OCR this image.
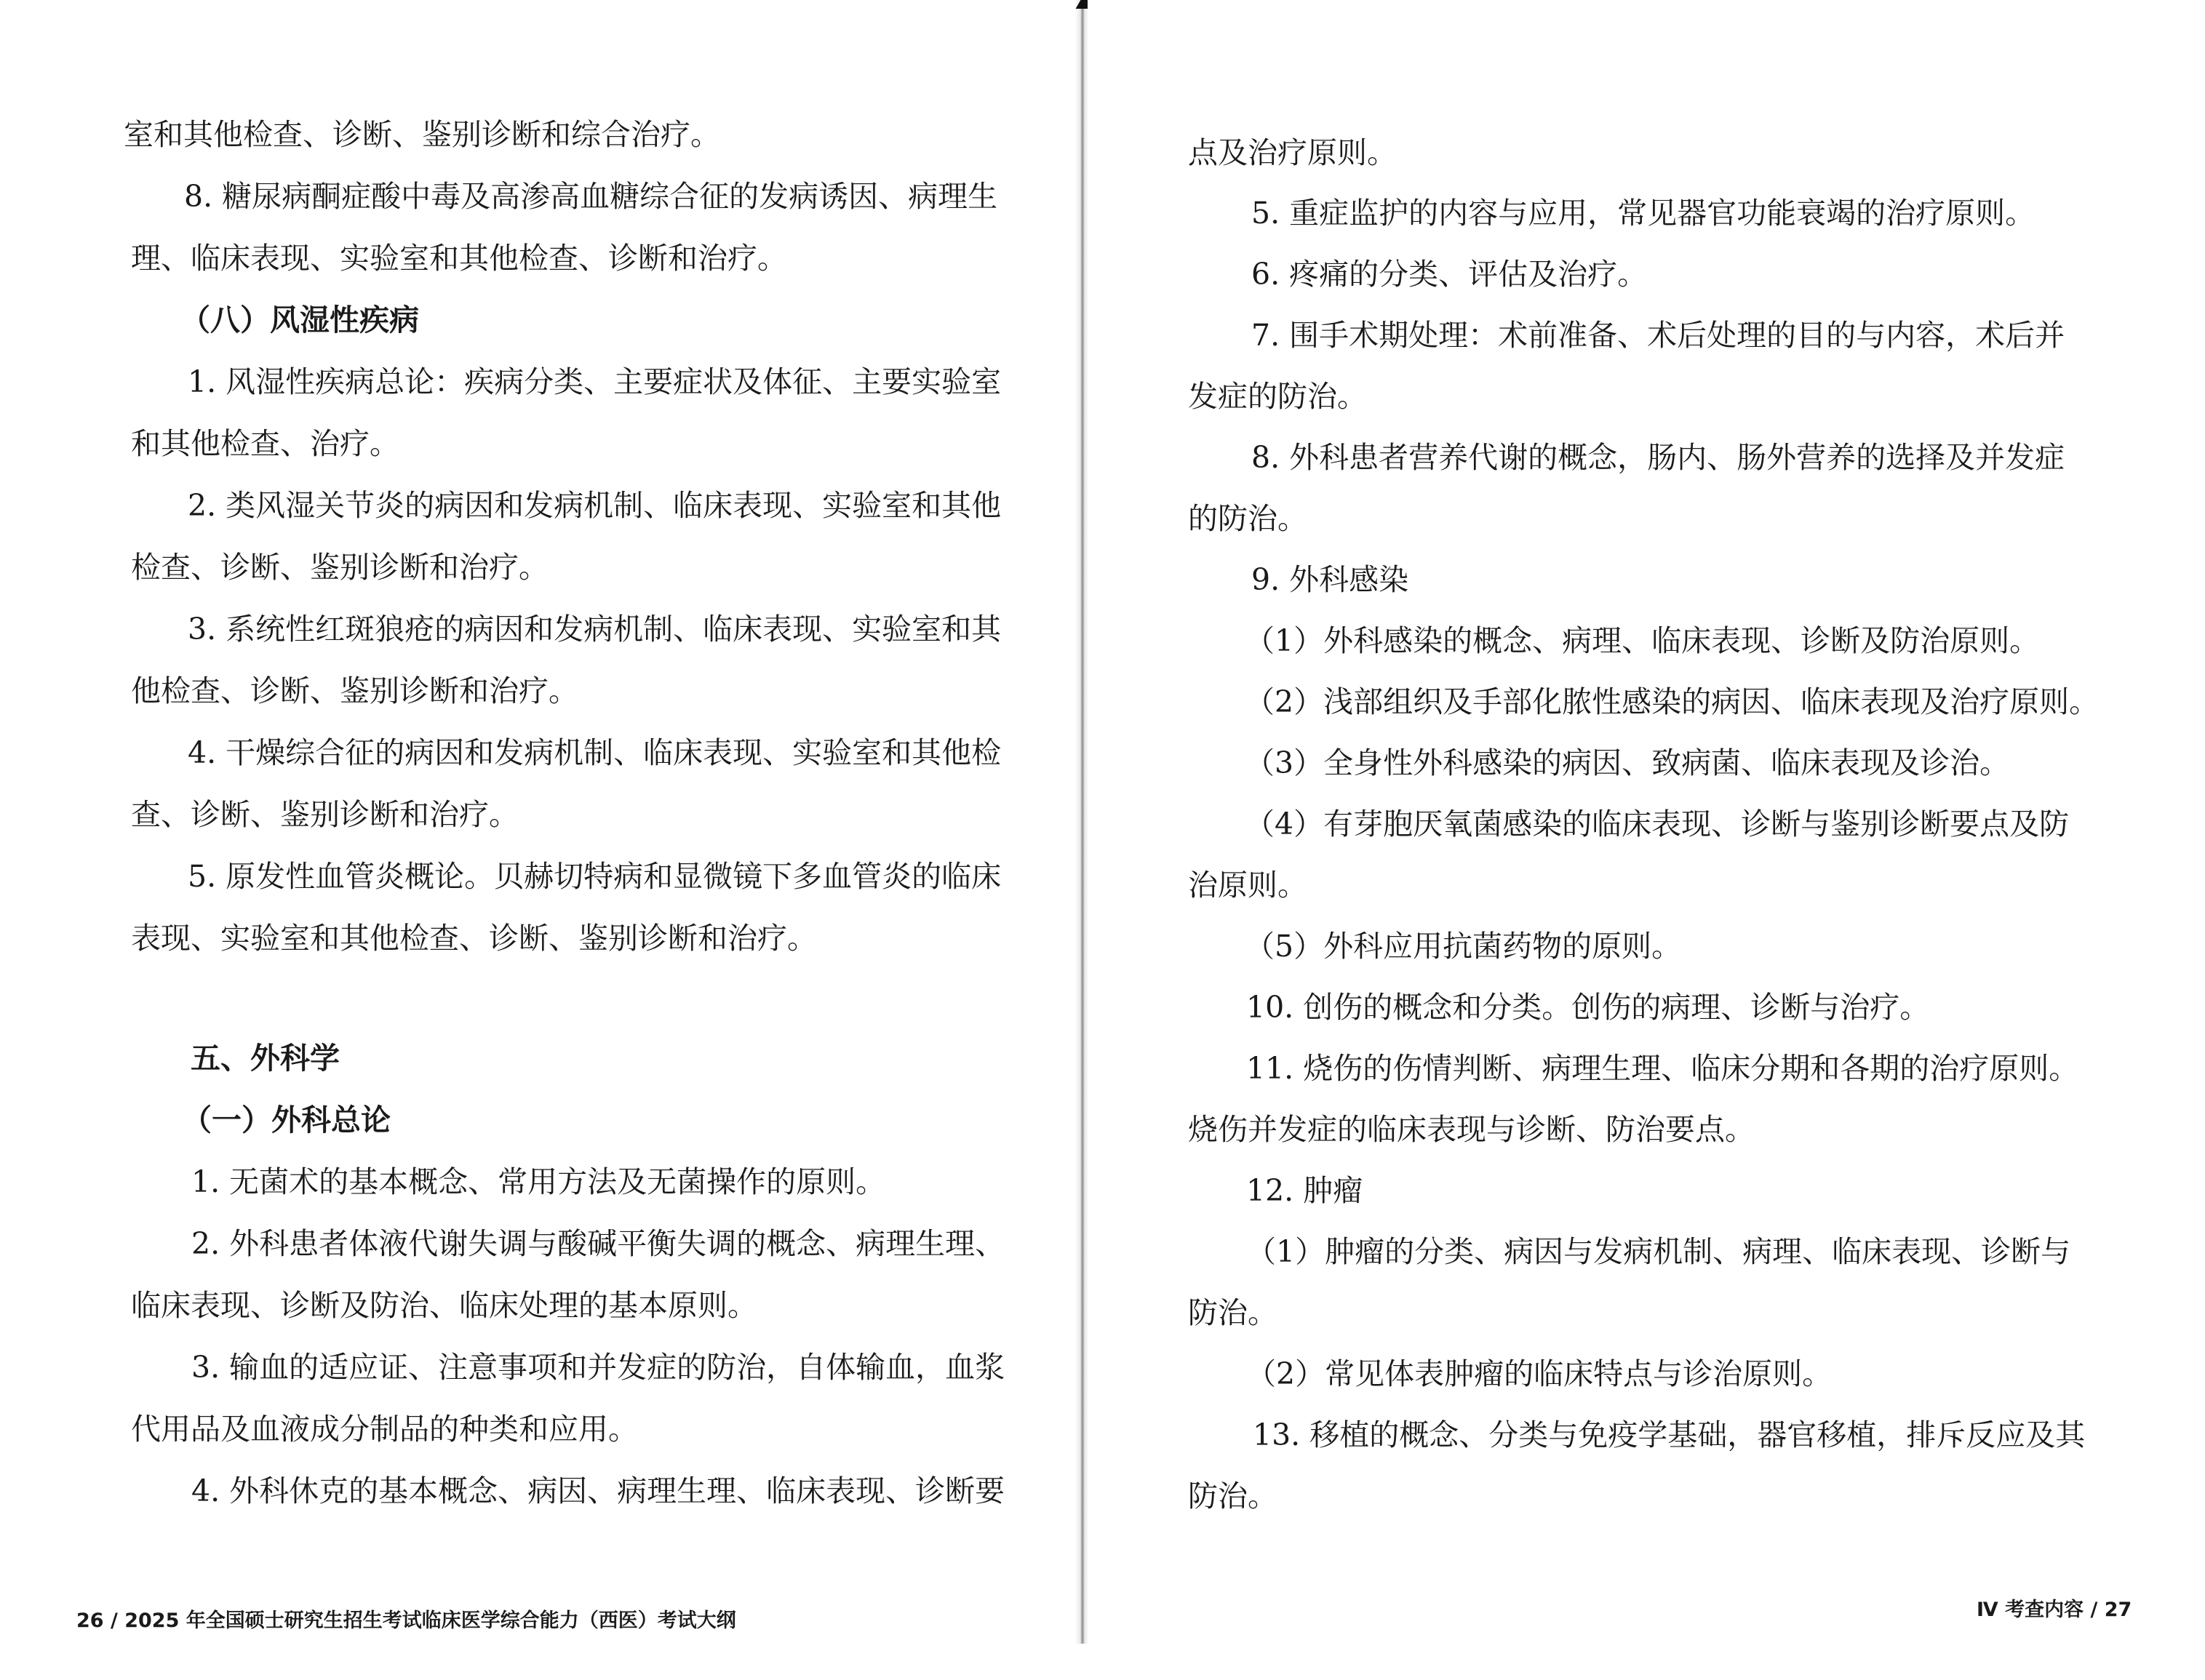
室和其他检查、诊断、鉴别诊断和综合治疗。
8. 糖尿病酮症酸中毒及高渗高血糖综合征的发病诱因、病理生
理、临床表现、实验室和其他检查、诊断和治疗。
（八）风湿性疾病
1. 风湿性疾病总论：疾病分类、主要症状及体征、主要实验室
和其他检查、治疗。
2. 类风湿关节炎的病因和发病机制、临床表现、实验室和其他
检查、诊断、鉴别诊断和治疗。
3. 系统性红斑狼疮的病因和发病机制、临床表现、实验室和其
他检查、诊断、鉴别诊断和治疗。
4. 干燥综合征的病因和发病机制、临床表现、实验室和其他检
查、诊断、鉴别诊断和治疗。
5. 原发性血管炎概论。贝赫切特病和显微镜下多血管炎的临床
表现、实验室和其他检查、诊断、鉴别诊断和治疗。
五、外科学
（一）外科总论
1. 无菌术的基本概念、常用方法及无菌操作的原则。
2. 外科患者体液代谢失调与酸碱平衡失调的概念、病理生理、
临床表现、诊断及防治、临床处理的基本原则。
3. 输血的适应证、注意事项和并发症的防治，自体输血，血浆
代用品及血液成分制品的种类和应用。
4. 外科休克的基本概念、病因、病理生理、临床表现、诊断要
26 / 2025 年全国硕士研究生招生考试临床医学综合能力（西医）考试大纲
点及治疗原则。
5. 重症监护的内容与应用，常见器官功能衰竭的治疗原则。
6. 疼痛的分类、评估及治疗。
7. 围手术期处理：术前准备、术后处理的目的与内容，术后并
发症的防治。
8. 外科患者营养代谢的概念，肠内、肠外营养的选择及并发症
的防治。
9. 外科感染
（1）外科感染的概念、病理、临床表现、诊断及防治原则。
（2）浅部组织及手部化脓性感染的病因、临床表现及治疗原则。
（3）全身性外科感染的病因、致病菌、临床表现及诊治。
（4）有芽胞厌氧菌感染的临床表现、诊断与鉴别诊断要点及防
治原则。
（5）外科应用抗菌药物的原则。
10. 创伤的概念和分类。创伤的病理、诊断与治疗。
11. 烧伤的伤情判断、病理生理、临床分期和各期的治疗原则。
烧伤并发症的临床表现与诊断、防治要点。
12. 肿瘤
（1）肿瘤的分类、病因与发病机制、病理、临床表现、诊断与
防治。
（2）常见体表肿瘤的临床特点与诊治原则。
13. 移植的概念、分类与免疫学基础，器官移植，排斥反应及其
防治。
Ⅳ 考查内容 / 27
